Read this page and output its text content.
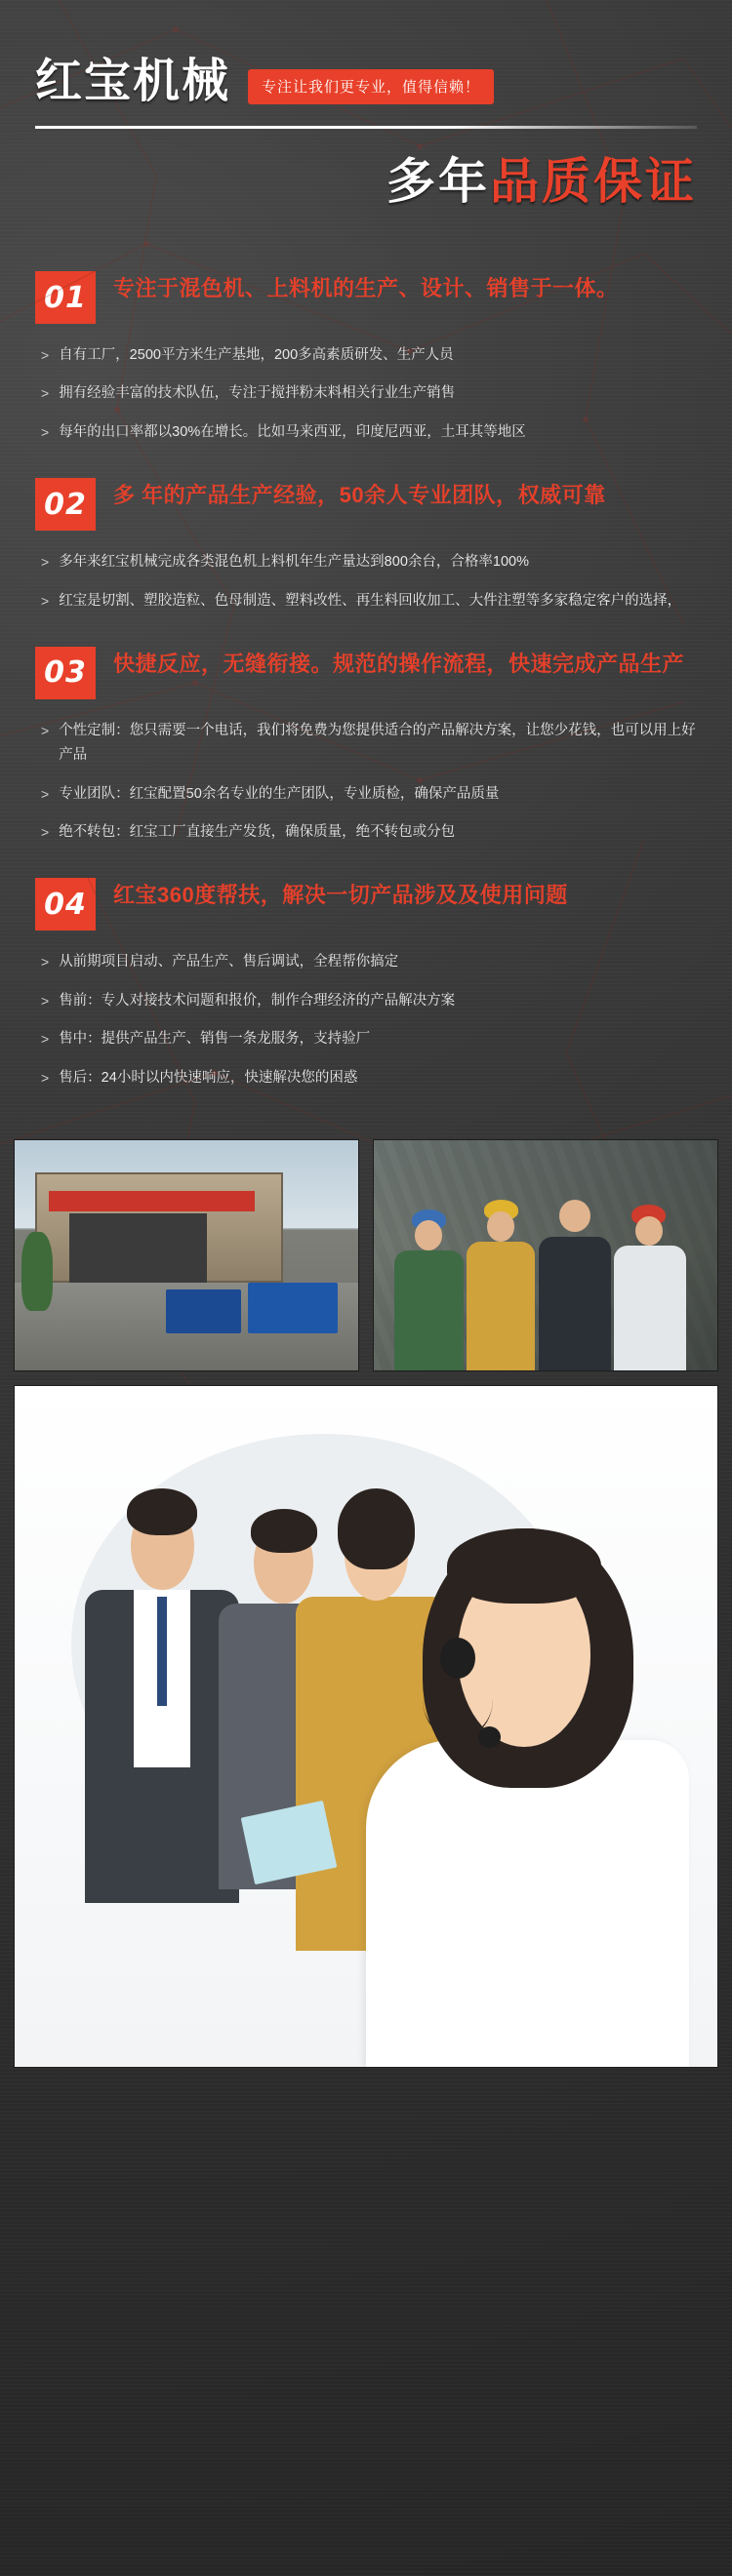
红宝机械	专注让我们更专业，值得信赖！
多年品质保证
01	专注于混色机、上料机的生产、设计、销售于一体。
> 自有工厂，2500平方米生产基地，200多高素质研发、生产人员
> 拥有经验丰富的技术队伍，专注于搅拌粉末料相关行业生产销售
> 每年的出口率都以30%在增长。比如马来西亚，印度尼西亚，土耳其等地区
02	多 年的产品生产经验，50余人专业团队，权威可靠
> 多年来红宝机械完成各类混色机上料机年生产量达到800余台，合格率100%
> 红宝是切割、塑胶造粒、色母制造、塑料改性、再生料回收加工、大件注塑等多家稳定客户的选择，
03	快捷反应，无缝衔接。规范的操作流程，快速完成产品生产
> 个性定制：您只需要一个电话，我们将免费为您提供适合的产品解决方案，让您少花钱，也可以用上好产品
> 专业团队：红宝配置50余名专业的生产团队，专业质检，确保产品质量
> 绝不转包：红宝工厂直接生产发货，确保质量，绝不转包或分包
04	红宝360度帮扶，解决一切产品涉及及使用问题
> 从前期项目启动、产品生产、售后调试，全程帮你搞定
> 售前：专人对接技术问题和报价，制作合理经济的产品解决方案
> 售中：提供产品生产、销售一条龙服务，支持验厂
> 售后：24小时以内快速响应，快速解决您的困惑
